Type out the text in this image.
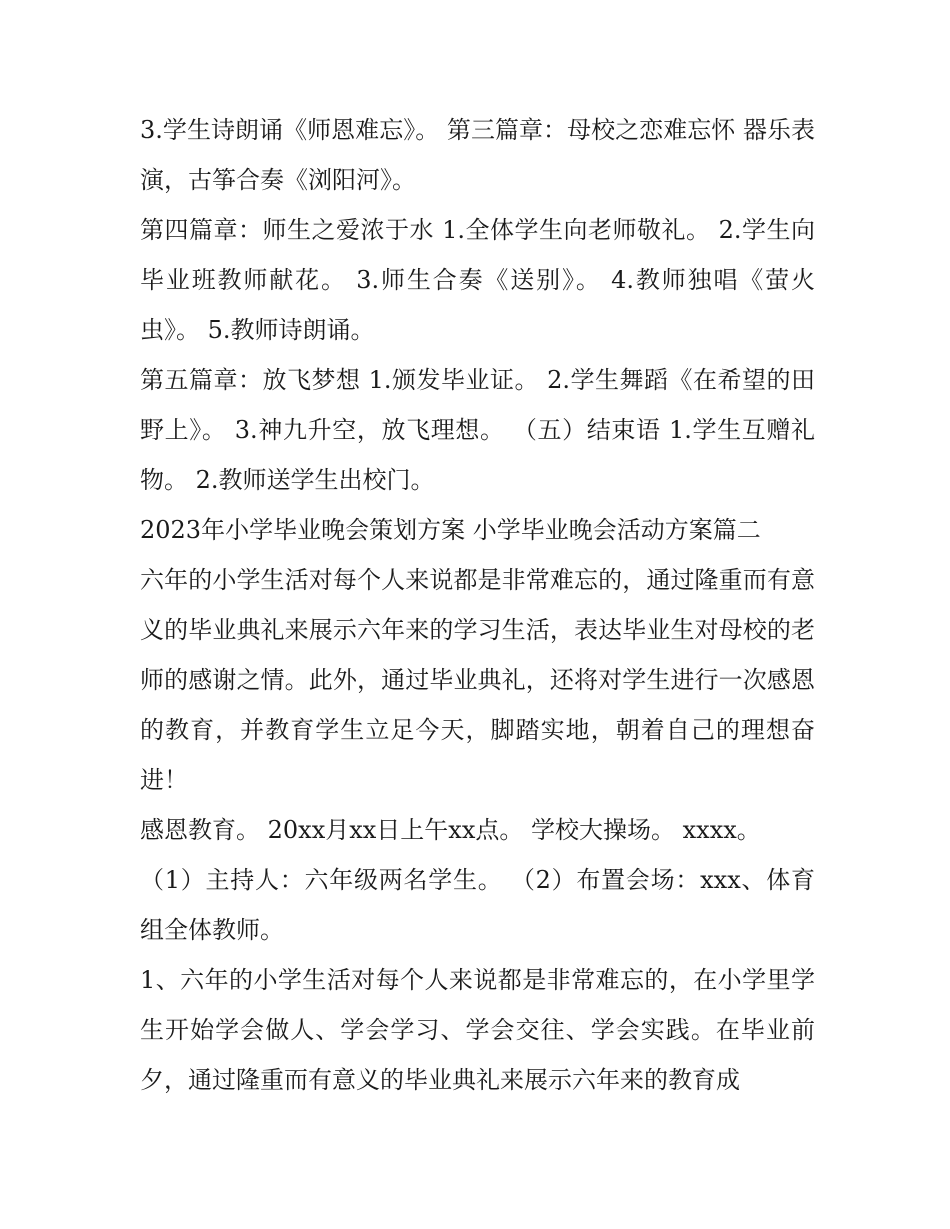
3.学生诗朗诵《师恩难忘》。 第三篇章：母校之恋难忘怀 器乐表演，古筝合奏《浏阳河》。

第四篇章：师生之爱浓于水 1.全体学生向老师敬礼。 2.学生向毕业班教师献花。 3.师生合奏《送别》。 4.教师独唱《萤火虫》。 5.教师诗朗诵。

第五篇章：放飞梦想 1.颁发毕业证。 2.学生舞蹈《在希望的田野上》。 3.神九升空，放飞理想。 （五）结束语 1.学生互赠礼物。 2.教师送学生出校门。

2023年小学毕业晚会策划方案 小学毕业晚会活动方案篇二

六年的小学生活对每个人来说都是非常难忘的，通过隆重而有意义的毕业典礼来展示六年来的学习生活，表达毕业生对母校的老师的感谢之情。此外，通过毕业典礼，还将对学生进行一次感恩的教育，并教育学生立足今天，脚踏实地，朝着自己的理想奋进！

感恩教育。 20xx月xx日上午xx点。 学校大操场。 xxxx。

（1）主持人：六年级两名学生。 （2）布置会场：xxx、体育组全体教师。

1、六年的小学生活对每个人来说都是非常难忘的，在小学里学生开始学会做人、学会学习、学会交往、学会实践。在毕业前夕，通过隆重而有意义的毕业典礼来展示六年来的教育成
